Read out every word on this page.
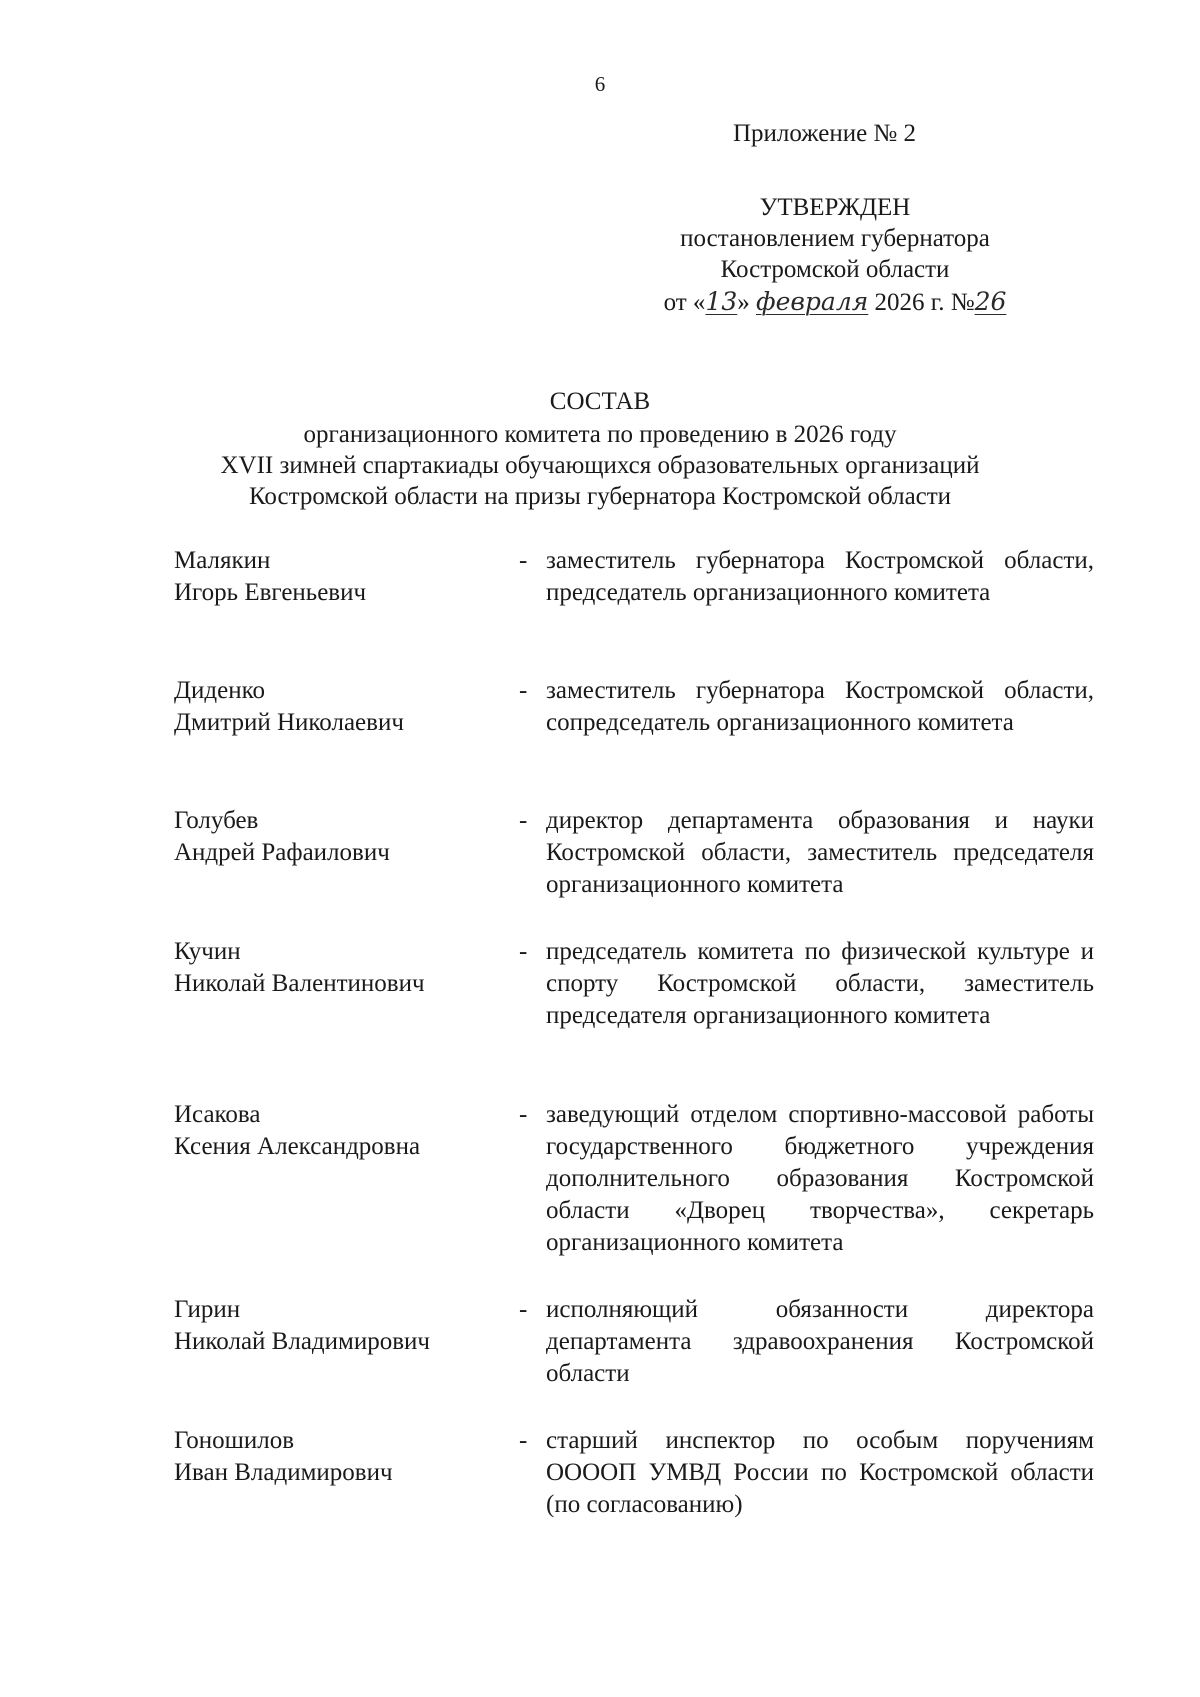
6
Приложение № 2
УТВЕРЖДЕН
постановлением губернатора
Костромской области
от «13» февраля 2026 г. №26
СОСТАВ
организационного комитета по проведению в 2026 году
XVII зимней спартакиады обучающихся образовательных организаций
Костромской области на призы губернатора Костромской области
Малякин
Игорь Евгеньевич
- заместитель губернатора Костромской области, председатель организационного комитета
Диденко
Дмитрий Николаевич
- заместитель губернатора Костромской области, сопредседатель организационного комитета
Голубев
Андрей Рафаилович
- директор департамента образования и науки Костромской области, заместитель председателя организационного комитета
Кучин
Николай Валентинович
- председатель комитета по физической культуре и спорту Костромской области, заместитель председателя организационного комитета
Исакова
Ксения Александровна
- заведующий отделом спортивно-массовой работы государственного бюджетного учреждения дополнительного образования Костромской области «Дворец творчества», секретарь организационного комитета
Гирин
Николай Владимирович
- исполняющий обязанности директора департамента здравоохранения Костромской области
Гоношилов
Иван Владимирович
- старший инспектор по особым поручениям ООООП УМВД России по Костромской области (по согласованию)
